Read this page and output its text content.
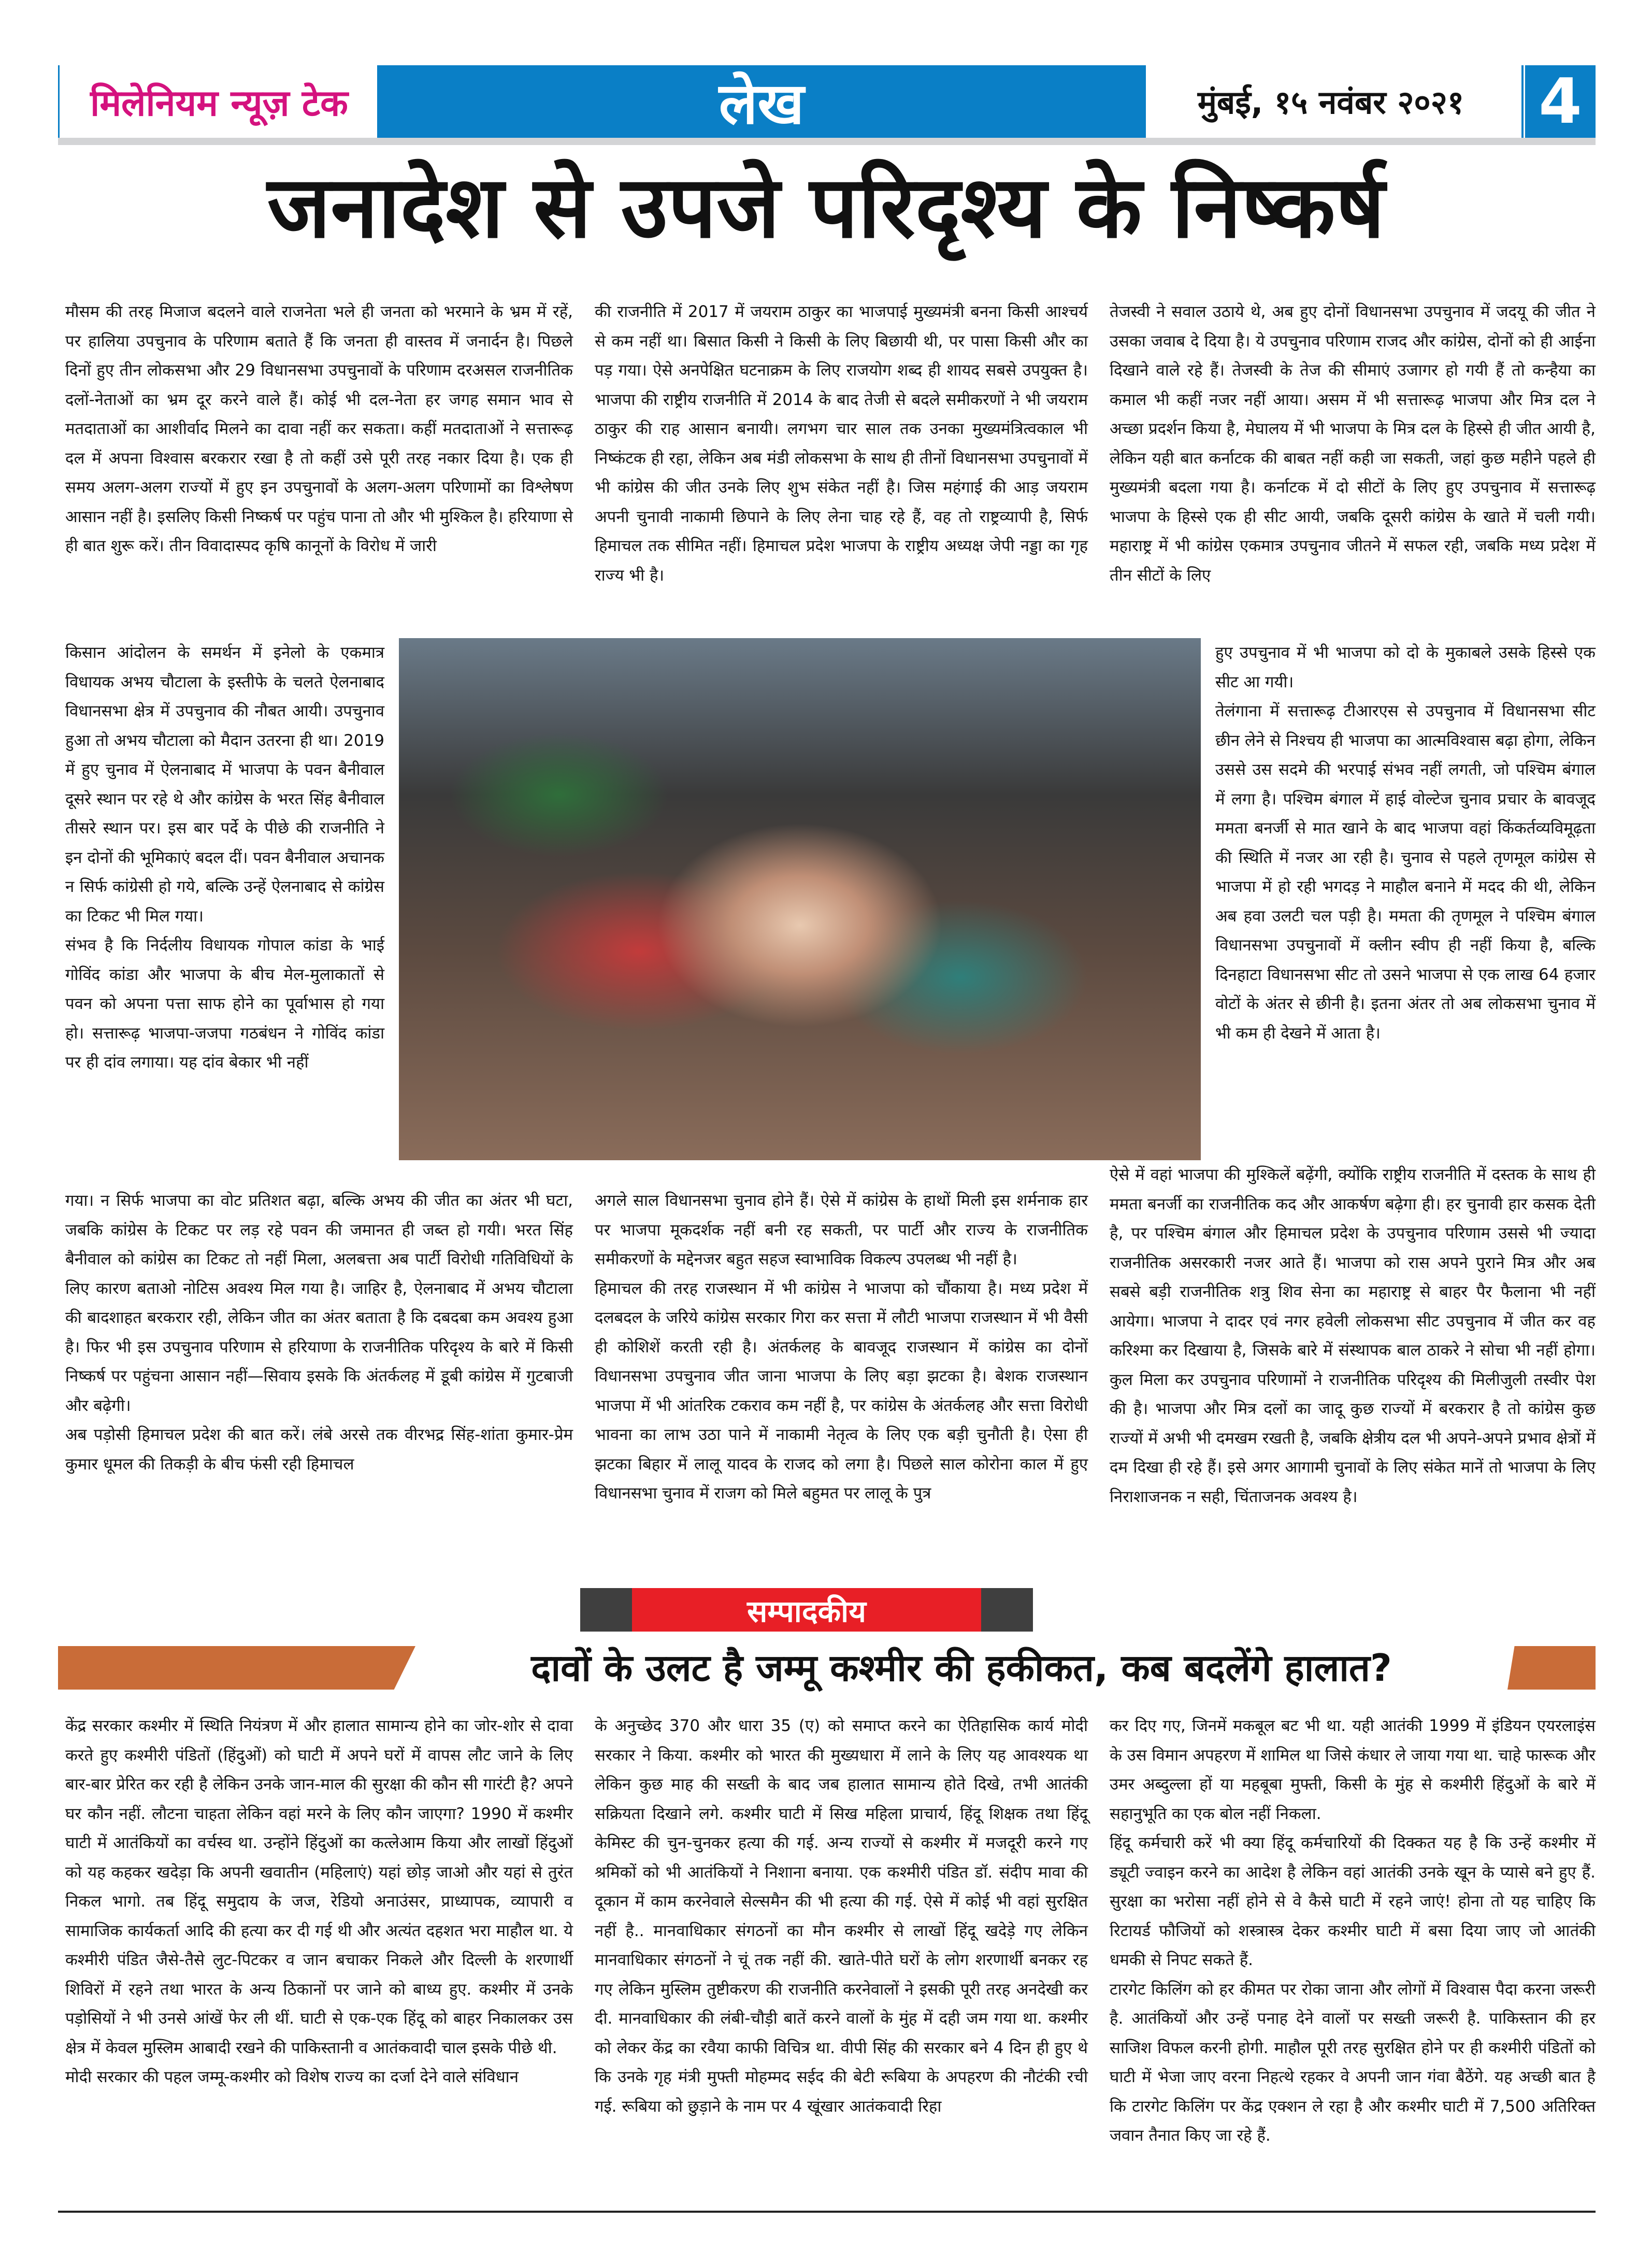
मिलेनियम न्यूज़ टेक	लेख	मुंबई, १५ नवंबर २०२१	4
जनादेश से उपजे परिदृश्य के निष्कर्ष

मौसम की तरह मिजाज बदलने वाले राजनेता भले ही जनता को भरमाने के भ्रम में रहें, पर हालिया उपचुनाव के परिणाम बताते हैं कि जनता ही वास्तव में जनार्दन है। पिछले दिनों हुए तीन लोकसभा और 29 विधानसभा उपचुनावों के परिणाम दरअसल राजनीतिक दलों-नेताओं का भ्रम दूर करने वाले हैं। कोई भी दल-नेता हर जगह समान भाव से मतदाताओं का आशीर्वाद मिलने का दावा नहीं कर सकता। कहीं मतदाताओं ने सत्तारूढ़ दल में अपना विश्वास बरकरार रखा है तो कहीं उसे पूरी तरह नकार दिया है। एक ही समय अलग-अलग राज्यों में हुए इन उपचुनावों के अलग-अलग परिणामों का विश्लेषण आसान नहीं है। इसलिए किसी निष्कर्ष पर पहुंच पाना तो और भी मुश्किल है। हरियाणा से ही बात शुरू करें। तीन विवादास्पद कृषि कानूनों के विरोध में जारी

किसान आंदोलन के समर्थन में इनेलो के एकमात्र विधायक अभय चौटाला के इस्तीफे के चलते ऐलनाबाद विधानसभा क्षेत्र में उपचुनाव की नौबत आयी। उपचुनाव हुआ तो अभय चौटाला को मैदान उतरना ही था। 2019 में हुए चुनाव में ऐलनाबाद में भाजपा के पवन बैनीवाल दूसरे स्थान पर रहे थे और कांग्रेस के भरत सिंह बैनीवाल तीसरे स्थान पर। इस बार पर्दे के पीछे की राजनीति ने इन दोनों की भूमिकाएं बदल दीं। पवन बैनीवाल अचानक न सिर्फ कांग्रेसी हो गये, बल्कि उन्हें ऐलनाबाद से कांग्रेस का टिकट भी मिल गया।

संभव है कि निर्दलीय विधायक गोपाल कांडा के भाई गोविंद कांडा और भाजपा के बीच मेल-मुलाकातों से पवन को अपना पत्ता साफ होने का पूर्वाभास हो गया हो। सत्तारूढ़ भाजपा-जजपा गठबंधन ने गोविंद कांडा पर ही दांव लगाया। यह दांव बेकार भी नहीं

गया। न सिर्फ भाजपा का वोट प्रतिशत बढ़ा, बल्कि अभय की जीत का अंतर भी घटा, जबकि कांग्रेस के टिकट पर लड़ रहे पवन की जमानत ही जब्त हो गयी। भरत सिंह बैनीवाल को कांग्रेस का टिकट तो नहीं मिला, अलबत्ता अब पार्टी विरोधी गतिविधियों के लिए कारण बताओ नोटिस अवश्य मिल गया है। जाहिर है, ऐलनाबाद में अभय चौटाला की बादशाहत बरकरार रही, लेकिन जीत का अंतर बताता है कि दबदबा कम अवश्य हुआ है। फिर भी इस उपचुनाव परिणाम से हरियाणा के राजनीतिक परिदृश्य के बारे में किसी निष्कर्ष पर पहुंचना आसान नहीं—सिवाय इसके कि अंतर्कलह में डूबी कांग्रेस में गुटबाजी और बढ़ेगी।

अब पड़ोसी हिमाचल प्रदेश की बात करें। लंबे अरसे तक वीरभद्र सिंह-शांता कुमार-प्रेम कुमार धूमल की तिकड़ी के बीच फंसी रही हिमाचल

की राजनीति में 2017 में जयराम ठाकुर का भाजपाई मुख्यमंत्री बनना किसी आश्चर्य से कम नहीं था। बिसात किसी ने किसी के लिए बिछायी थी, पर पासा किसी और का पड़ गया। ऐसे अनपेक्षित घटनाक्रम के लिए राजयोग शब्द ही शायद सबसे उपयुक्त है। भाजपा की राष्ट्रीय राजनीति में 2014 के बाद तेजी से बदले समीकरणों ने भी जयराम ठाकुर की राह आसान बनायी। लगभग चार साल तक उनका मुख्यमंत्रित्वकाल भी निष्कंटक ही रहा, लेकिन अब मंडी लोकसभा के साथ ही तीनों विधानसभा उपचुनावों में भी कांग्रेस की जीत उनके लिए शुभ संकेत नहीं है। जिस महंगाई की आड़ जयराम अपनी चुनावी नाकामी छिपाने के लिए लेना चाह रहे हैं, वह तो राष्ट्रव्यापी है, सिर्फ हिमाचल तक सीमित नहीं। हिमाचल प्रदेश भाजपा के राष्ट्रीय अध्यक्ष जेपी नड्डा का गृह राज्य भी है।

अगले साल विधानसभा चुनाव होने हैं। ऐसे में कांग्रेस के हाथों मिली इस शर्मनाक हार पर भाजपा मूकदर्शक नहीं बनी रह सकती, पर पार्टी और राज्य के राजनीतिक समीकरणों के मद्देनजर बहुत सहज स्वाभाविक विकल्प उपलब्ध भी नहीं है।

हिमाचल की तरह राजस्थान में भी कांग्रेस ने भाजपा को चौंकाया है। मध्य प्रदेश में दलबदल के जरिये कांग्रेस सरकार गिरा कर सत्ता में लौटी भाजपा राजस्थान में भी वैसी ही कोशिशें करती रही है। अंतर्कलह के बावजूद राजस्थान में कांग्रेस का दोनों विधानसभा उपचुनाव जीत जाना भाजपा के लिए बड़ा झटका है। बेशक राजस्थान भाजपा में भी आंतरिक टकराव कम नहीं है, पर कांग्रेस के अंतर्कलह और सत्ता विरोधी भावना का लाभ उठा पाने में नाकामी नेतृत्व के लिए एक बड़ी चुनौती है। ऐसा ही झटका बिहार में लालू यादव के राजद को लगा है। पिछले साल कोरोना काल में हुए विधानसभा चुनाव में राजग को मिले बहुमत पर लालू के पुत्र

तेजस्वी ने सवाल उठाये थे, अब हुए दोनों विधानसभा उपचुनाव में जदयू की जीत ने उसका जवाब दे दिया है। ये उपचुनाव परिणाम राजद और कांग्रेस, दोनों को ही आईना दिखाने वाले रहे हैं। तेजस्वी के तेज की सीमाएं उजागर हो गयी हैं तो कन्हैया का कमाल भी कहीं नजर नहीं आया। असम में भी सत्तारूढ़ भाजपा और मित्र दल ने अच्छा प्रदर्शन किया है, मेघालय में भी भाजपा के मित्र दल के हिस्से ही जीत आयी है, लेकिन यही बात कर्नाटक की बाबत नहीं कही जा सकती, जहां कुछ महीने पहले ही मुख्यमंत्री बदला गया है। कर्नाटक में दो सीटों के लिए हुए उपचुनाव में सत्तारूढ़ भाजपा के हिस्से एक ही सीट आयी, जबकि दूसरी कांग्रेस के खाते में चली गयी। महाराष्ट्र में भी कांग्रेस एकमात्र उपचुनाव जीतने में सफल रही, जबकि मध्य प्रदेश में तीन सीटों के लिए

हुए उपचुनाव में भी भाजपा को दो के मुकाबले उसके हिस्से एक सीट आ गयी।

तेलंगाना में सत्तारूढ़ टीआरएस से उपचुनाव में विधानसभा सीट छीन लेने से निश्चय ही भाजपा का आत्मविश्वास बढ़ा होगा, लेकिन उससे उस सदमे की भरपाई संभव नहीं लगती, जो पश्चिम बंगाल में लगा है। पश्चिम बंगाल में हाई वोल्टेज चुनाव प्रचार के बावजूद ममता बनर्जी से मात खाने के बाद भाजपा वहां किंकर्तव्यविमूढ़ता की स्थिति में नजर आ रही है। चुनाव से पहले तृणमूल कांग्रेस से भाजपा में हो रही भगदड़ ने माहौल बनाने में मदद की थी, लेकिन अब हवा उलटी चल पड़ी है। ममता की तृणमूल ने पश्चिम बंगाल विधानसभा उपचुनावों में क्लीन स्वीप ही नहीं किया है, बल्कि दिनहाटा विधानसभा सीट तो उसने भाजपा से एक लाख 64 हजार वोटों के अंतर से छीनी है। इतना अंतर तो अब लोकसभा चुनाव में भी कम ही देखने में आता है।

ऐसे में वहां भाजपा की मुश्किलें बढ़ेंगी, क्योंकि राष्ट्रीय राजनीति में दस्तक के साथ ही ममता बनर्जी का राजनीतिक कद और आकर्षण बढ़ेगा ही। हर चुनावी हार कसक देती है, पर पश्चिम बंगाल और हिमाचल प्रदेश के उपचुनाव परिणाम उससे भी ज्यादा राजनीतिक असरकारी नजर आते हैं। भाजपा को रास अपने पुराने मित्र और अब सबसे बड़ी राजनीतिक शत्रु शिव सेना का महाराष्ट्र से बाहर पैर फैलाना भी नहीं आयेगा। भाजपा ने दादर एवं नगर हवेली लोकसभा सीट उपचुनाव में जीत कर वह करिश्मा कर दिखाया है, जिसके बारे में संस्थापक बाल ठाकरे ने सोचा भी नहीं होगा। कुल मिला कर उपचुनाव परिणामों ने राजनीतिक परिदृश्य की मिलीजुली तस्वीर पेश की है। भाजपा और मित्र दलों का जादू कुछ राज्यों में बरकरार है तो कांग्रेस कुछ राज्यों में अभी भी दमखम रखती है, जबकि क्षेत्रीय दल भी अपने-अपने प्रभाव क्षेत्रों में दम दिखा ही रहे हैं। इसे अगर आगामी चुनावों के लिए संकेत मानें तो भाजपा के लिए निराशाजनक न सही, चिंताजनक अवश्य है।

सम्पादकीय
दावों के उलट है जम्मू कश्मीर की हकीकत, कब बदलेंगे हालात?

केंद्र सरकार कश्मीर में स्थिति नियंत्रण में और हालात सामान्य होने का जोर-शोर से दावा करते हुए कश्मीरी पंडितों (हिंदुओं) को घाटी में अपने घरों में वापस लौट जाने के लिए बार-बार प्रेरित कर रही है लेकिन उनके जान-माल की सुरक्षा की कौन सी गारंटी है? अपने घर कौन नहीं. लौटना चाहता लेकिन वहां मरने के लिए कौन जाएगा? 1990 में कश्मीर घाटी में आतंकियों का वर्चस्व था. उन्होंने हिंदुओं का कत्लेआम किया और लाखों हिंदुओं को यह कहकर खदेड़ा कि अपनी खवातीन (महिलाएं) यहां छोड़ जाओ और यहां से तुरंत निकल भागो. तब हिंदू समुदाय के जज, रेडियो अनाउंसर, प्राध्यापक, व्यापारी व सामाजिक कार्यकर्ता आदि की हत्या कर दी गई थी और अत्यंत दहशत भरा माहौल था. ये कश्मीरी पंडित जैसे-तैसे लुट-पिटकर व जान बचाकर निकले और दिल्ली के शरणार्थी शिविरों में रहने तथा भारत के अन्य ठिकानों पर जाने को बाध्य हुए. कश्मीर में उनके पड़ोसियों ने भी उनसे आंखें फेर ली थीं. घाटी से एक-एक हिंदू को बाहर निकालकर उस क्षेत्र में केवल मुस्लिम आबादी रखने की पाकिस्तानी व आतंकवादी चाल इसके पीछे थी.

मोदी सरकार की पहल जम्मू-कश्मीर को विशेष राज्य का दर्जा देने वाले संविधान

के अनुच्छेद 370 और धारा 35 (ए) को समाप्त करने का ऐतिहासिक कार्य मोदी सरकार ने किया. कश्मीर को भारत की मुख्यधारा में लाने के लिए यह आवश्यक था लेकिन कुछ माह की सख्ती के बाद जब हालात सामान्य होते दिखे, तभी आतंकी सक्रियता दिखाने लगे. कश्मीर घाटी में सिख महिला प्राचार्य, हिंदू शिक्षक तथा हिंदू केमिस्ट की चुन-चुनकर हत्या की गई. अन्य राज्यों से कश्मीर में मजदूरी करने गए श्रमिकों को भी आतंकियों ने निशाना बनाया. एक कश्मीरी पंडित डॉ. संदीप मावा की दूकान में काम करनेवाले सेल्समैन की भी हत्या की गई. ऐसे में कोई भी वहां सुरक्षित नहीं है.. मानवाधिकार संगठनों का मौन कश्मीर से लाखों हिंदू खदेड़े गए लेकिन मानवाधिकार संगठनों ने चूं तक नहीं की. खाते-पीते घरों के लोग शरणार्थी बनकर रह गए लेकिन मुस्लिम तुष्टीकरण की राजनीति करनेवालों ने इसकी पूरी तरह अनदेखी कर दी. मानवाधिकार की लंबी-चौड़ी बातें करने वालों के मुंह में दही जम गया था. कश्मीर को लेकर केंद्र का रवैया काफी विचित्र था. वीपी सिंह की सरकार बने 4 दिन ही हुए थे कि उनके गृह मंत्री मुफ्ती मोहम्मद सईद की बेटी रूबिया के अपहरण की नौटंकी रची गई. रूबिया को छुड़ाने के नाम पर 4 खूंखार आतंकवादी रिहा

कर दिए गए, जिनमें मकबूल बट भी था. यही आतंकी 1999 में इंडियन एयरलाइंस के उस विमान अपहरण में शामिल था जिसे कंधार ले जाया गया था. चाहे फारूक और उमर अब्दुल्ला हों या महबूबा मुफ्ती, किसी के मुंह से कश्मीरी हिंदुओं के बारे में सहानुभूति का एक बोल नहीं निकला.

हिंदू कर्मचारी करें भी क्या हिंदू कर्मचारियों की दिक्कत यह है कि उन्हें कश्मीर में ड्यूटी ज्वाइन करने का आदेश है लेकिन वहां आतंकी उनके खून के प्यासे बने हुए हैं. सुरक्षा का भरोसा नहीं होने से वे कैसे घाटी में रहने जाएं! होना तो यह चाहिए कि रिटायर्ड फौजियों को शस्त्रास्त्र देकर कश्मीर घाटी में बसा दिया जाए जो आतंकी धमकी से निपट सकते हैं.

टारगेट किलिंग को हर कीमत पर रोका जाना और लोगों में विश्वास पैदा करना जरूरी है. आतंकियों और उन्हें पनाह देने वालों पर सख्ती जरूरी है. पाकिस्तान की हर साजिश विफल करनी होगी. माहौल पूरी तरह सुरक्षित होने पर ही कश्मीरी पंडितों को घाटी में भेजा जाए वरना निहत्थे रहकर वे अपनी जान गंवा बैठेंगे. यह अच्छी बात है कि टारगेट किलिंग पर केंद्र एक्शन ले रहा है और कश्मीर घाटी में 7,500 अतिरिक्त जवान तैनात किए जा रहे हैं.
